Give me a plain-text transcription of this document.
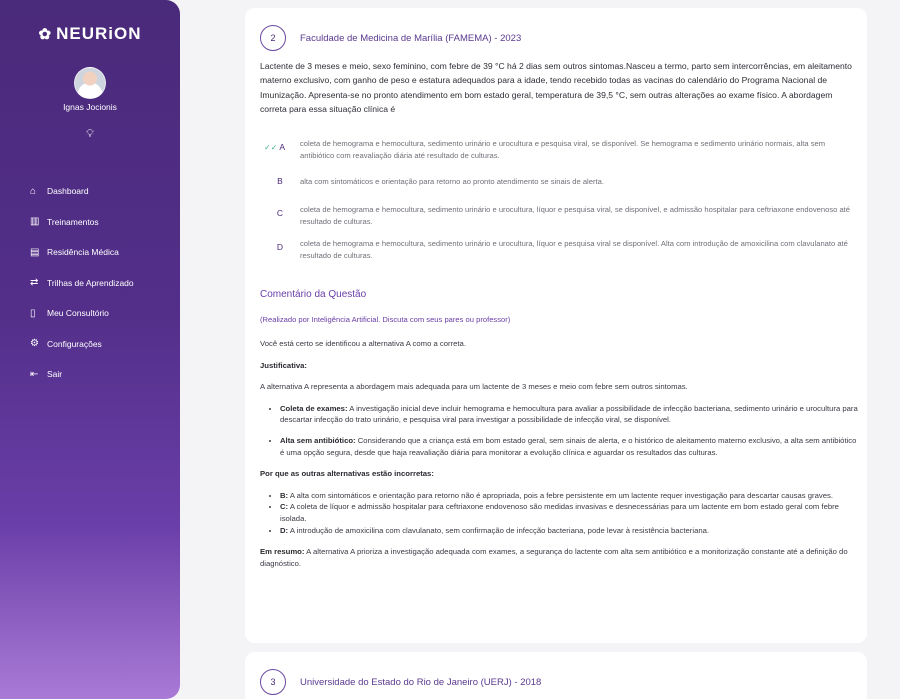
✿ NEURiON
Ignas Jocionis
💡︎
⌂	Dashboard
▥ Treinamentos
▤ Residência Médica
⇄	Trilhas de Aprendizado
▯	Meu Consultório
⚙ Configurações
⇤	Sair
2	Faculdade de Medicina de Marília (FAMEMA) - 2023

Lactente de 3 meses e meio, sexo feminino, com febre de 39 °C há 2 dias sem outros sintomas.Nasceu a termo, parto sem intercorrências, em aleitamento materno exclusivo, com ganho de peso e estatura adequados para a idade, tendo recebido todas as vacinas do calendário do Programa Nacional de Imunização. Apresenta-se no pronto atendimento em bom estado geral, temperatura de 39,5 °C, sem outras alterações ao exame físico. A abordagem correta para essa situação clínica é

✓✓ A	coleta de hemograma e hemocultura, sedimento urinário e urocultura e pesquisa viral, se disponível. Se hemograma e sedimento urinário normais, alta sem antibiótico com reavaliação diária até resultado de culturas.
B	alta com sintomáticos e orientação para retorno ao pronto atendimento se sinais de alerta.
C	coleta de hemograma e hemocultura, sedimento urinário e urocultura, líquor e pesquisa viral, se disponível, e admissão hospitalar para ceftriaxone endovenoso até resultado de culturas.
D	coleta de hemograma e hemocultura, sedimento urinário e urocultura, líquor e pesquisa viral se disponível. Alta com introdução de amoxicilina com clavulanato até resultado de culturas.
Comentário da Questão
(Realizado por Inteligência Artificial. Discuta com seus pares ou professor)

Você está certo se identificou a alternativa A como a correta.

Justificativa:

A alternativa A representa a abordagem mais adequada para um lactente de 3 meses e meio com febre sem outros sintomas.

• Coleta de exames: A investigação inicial deve incluir hemograma e hemocultura para avaliar a possibilidade de infecção bacteriana, sedimento urinário e urocultura para descartar infecção do trato urinário, e pesquisa viral para investigar a possibilidade de infecção viral, se disponível.
• Alta sem antibiótico: Considerando que a criança está em bom estado geral, sem sinais de alerta, e o histórico de aleitamento materno exclusivo, a alta sem antibiótico é uma opção segura, desde que haja reavaliação diária para monitorar a evolução clínica e aguardar os resultados das culturas.

Por que as outras alternativas estão incorretas:

• B: A alta com sintomáticos e orientação para retorno não é apropriada, pois a febre persistente em um lactente requer investigação para descartar causas graves.
• C: A coleta de líquor e admissão hospitalar para ceftriaxone endovenoso são medidas invasivas e desnecessárias para um lactente em bom estado geral com febre isolada.
• D: A introdução de amoxicilina com clavulanato, sem confirmação de infecção bacteriana, pode levar à resistência bacteriana.

Em resumo: A alternativa A prioriza a investigação adequada com exames, a segurança do lactente com alta sem antibiótico e a monitorização constante até a definição do diagnóstico.

3	Universidade do Estado do Rio de Janeiro (UERJ) - 2018
